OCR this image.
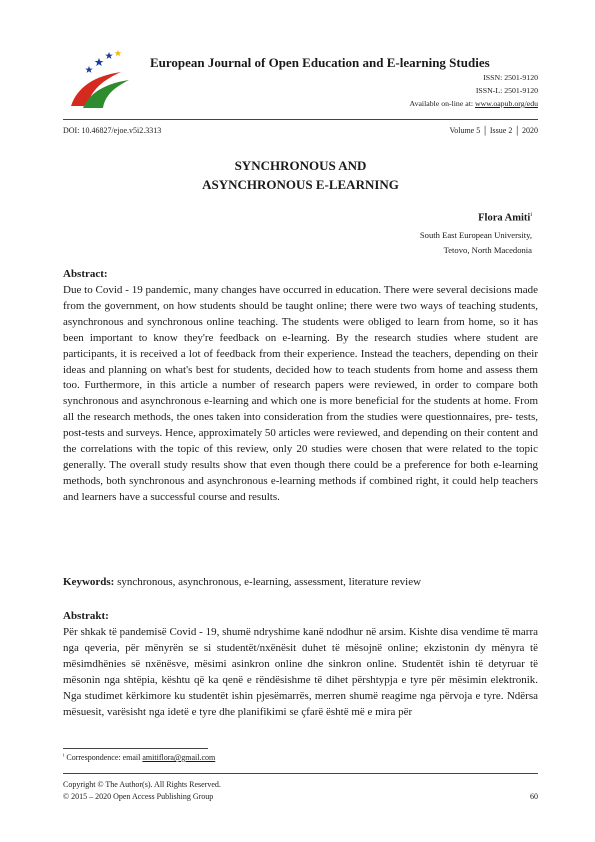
European Journal of Open Education and E-learning Studies
ISSN: 2501-9120
ISSN-L: 2501-9120
Available on-line at: www.oapub.org/edu
DOI: 10.46827/ejoe.v5i2.3313	Volume 5 │ Issue 2 │ 2020
SYNCHRONOUS AND
ASYNCHRONOUS E-LEARNING
Flora Amiti$^i$
South East European University,
Tetovo, North Macedonia
Abstract:

Due to Covid - 19 pandemic, many changes have occurred in education. There were several decisions made from the government, on how students should be taught online; there were two ways of teaching students, asynchronous and synchronous online teaching. The students were obliged to learn from home, so it has been important to know they're feedback on e-learning. By the research studies where student are participants, it is received a lot of feedback from their experience. Instead the teachers, depending on their ideas and planning on what's best for students, decided how to teach students from home and assess them too. Furthermore, in this article a number of research papers were reviewed, in order to compare both synchronous and asynchronous e-learning and which one is more beneficial for the students at home. From all the research methods, the ones taken into consideration from the studies were questionnaires, pre- tests, post-tests and surveys. Hence, approximately 50 articles were reviewed, and depending on their content and the correlations with the topic of this review, only 20 studies were chosen that were related to the topic generally. The overall study results show that even though there could be a preference for both e-learning methods, both synchronous and asynchronous e-learning methods if combined right, it could help teachers and learners have a successful course and results.

Keywords: synchronous, asynchronous, e-learning, assessment, literature review
Abstrakt:

Për shkak të pandemisë Covid - 19, shumë ndryshime kanë ndodhur në arsim. Kishte disa vendime të marra nga qeveria, për mënyrën se si studentët/nxënësit duhet të mësojnë online; ekzistonin dy mënyra të mësimdhënies së nxënësve, mësimi asinkron online dhe sinkron online. Studentët ishin të detyruar të mësonin nga shtëpia, kështu që ka qenë e rëndësishme të dihet përshtypja e tyre për mësimin elektronik. Nga studimet kërkimore ku studentët ishin pjesëmarrës, merren shumë reagime nga përvoja e tyre. Ndërsa mësuesit, varësisht nga idetë e tyre dhe planifikimi se çfarë është më e mira për

$^i$ Correspondence: email amitiflora@gmail.com
Copyright © The Author(s). All Rights Reserved.
© 2015 – 2020 Open Access Publishing Group	60
